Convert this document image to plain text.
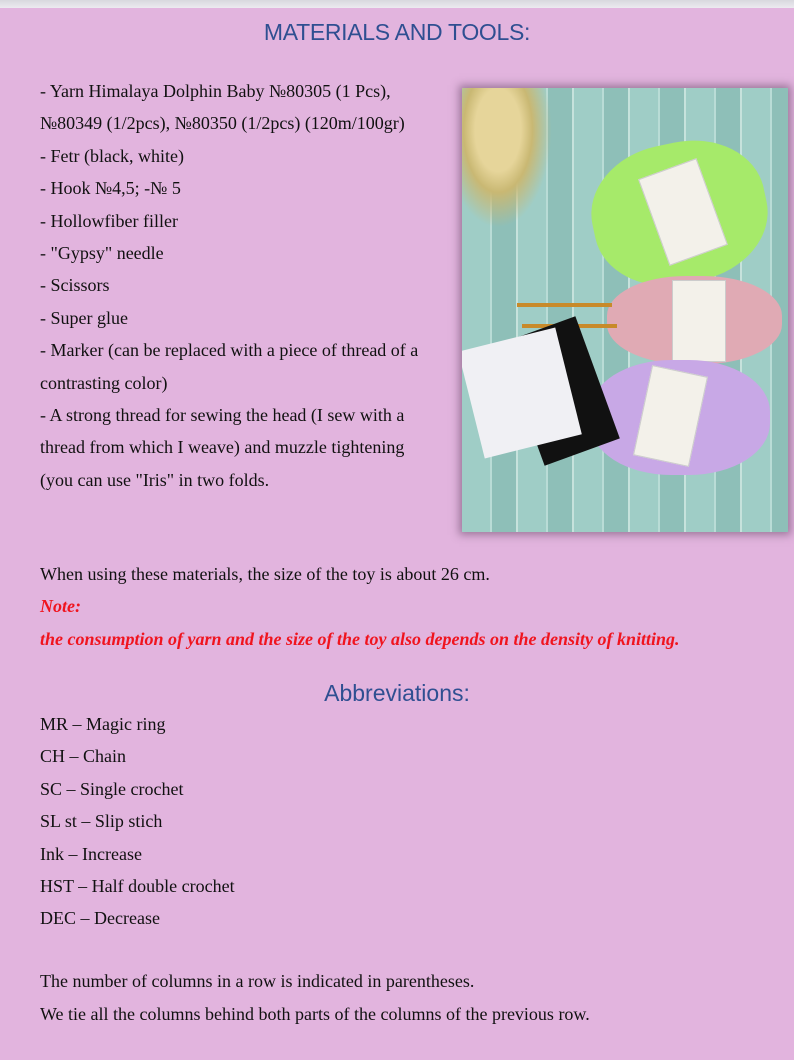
MATERIALS AND TOOLS:
- Yarn Himalaya Dolphin Baby №80305 (1 Pcs),
№80349 (1/2pcs), №80350 (1/2pcs) (120m/100gr)
- Fetr (black, white)
- Hook №4,5; -№ 5
- Hollowfiber filler
- "Gypsy" needle
- Scissors
- Super glue
- Marker (can be replaced with a piece of thread of a
contrasting color)
- A strong thread for sewing the head (I sew with a
thread from which I weave) and muzzle tightening
(you can use "Iris" in two folds.
When using these materials, the size of the toy is about 26 cm.
Note:
the consumption of yarn and the size of the toy also depends on the density of knitting.
Abbreviations:
MR – Magic ring
CH – Chain
SC – Single crochet
SL st – Slip stich
Ink – Increase
HST – Half double crochet
DEC – Decrease
The number of columns in a row is indicated in parentheses.
We tie all the columns behind both parts of the columns of the previous row.
